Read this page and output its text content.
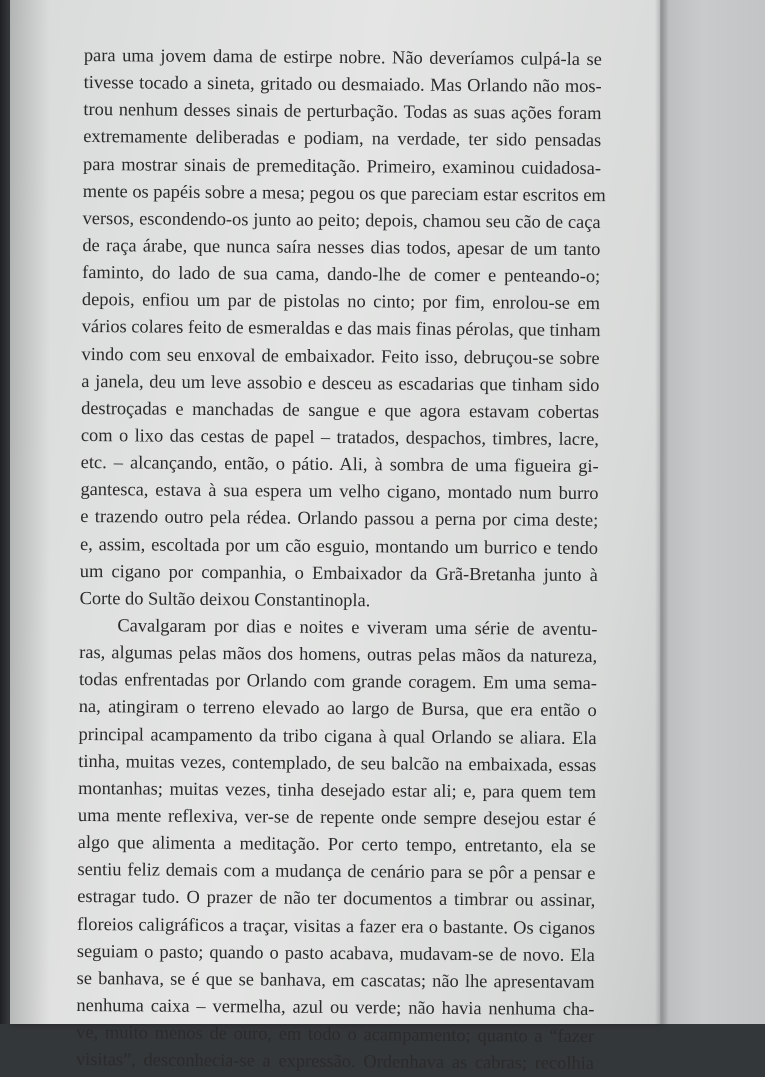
para uma jovem dama de estirpe nobre. Não deveríamos culpá-la se
tivesse tocado a sineta, gritado ou desmaiado. Mas Orlando não mos-
trou nenhum desses sinais de perturbação. Todas as suas ações foram
extremamente deliberadas e podiam, na verdade, ter sido pensadas
para mostrar sinais de premeditação. Primeiro, examinou cuidadosa-
mente os papéis sobre a mesa; pegou os que pareciam estar escritos em
versos, escondendo-os junto ao peito; depois, chamou seu cão de caça
de raça árabe, que nunca saíra nesses dias todos, apesar de um tanto
faminto, do lado de sua cama, dando-lhe de comer e penteando-o;
depois, enfiou um par de pistolas no cinto; por fim, enrolou-se em
vários colares feito de esmeraldas e das mais finas pérolas, que tinham
vindo com seu enxoval de embaixador. Feito isso, debruçou-se sobre
a janela, deu um leve assobio e desceu as escadarias que tinham sido
destroçadas e manchadas de sangue e que agora estavam cobertas
com o lixo das cestas de papel – tratados, despachos, timbres, lacre,
etc. – alcançando, então, o pátio. Ali, à sombra de uma figueira gi-
gantesca, estava à sua espera um velho cigano, montado num burro
e trazendo outro pela rédea. Orlando passou a perna por cima deste;
e, assim, escoltada por um cão esguio, montando um burrico e tendo
um cigano por companhia, o Embaixador da Grã-Bretanha junto à
Corte do Sultão deixou Constantinopla.
Cavalgaram por dias e noites e viveram uma série de aventu-
ras, algumas pelas mãos dos homens, outras pelas mãos da natureza,
todas enfrentadas por Orlando com grande coragem. Em uma sema-
na, atingiram o terreno elevado ao largo de Bursa, que era então o
principal acampamento da tribo cigana à qual Orlando se aliara. Ela
tinha, muitas vezes, contemplado, de seu balcão na embaixada, essas
montanhas; muitas vezes, tinha desejado estar ali; e, para quem tem
uma mente reflexiva, ver-se de repente onde sempre desejou estar é
algo que alimenta a meditação. Por certo tempo, entretanto, ela se
sentiu feliz demais com a mudança de cenário para se pôr a pensar e
estragar tudo. O prazer de não ter documentos a timbrar ou assinar,
floreios caligráficos a traçar, visitas a fazer era o bastante. Os ciganos
seguiam o pasto; quando o pasto acabava, mudavam-se de novo. Ela
se banhava, se é que se banhava, em cascatas; não lhe apresentavam
nenhuma caixa – vermelha, azul ou verde; não havia nenhuma cha-
ve, muito menos de ouro, em todo o acampamento; quanto a “fazer
visitas”, desconhecia-se a expressão. Ordenhava as cabras; recolhia
